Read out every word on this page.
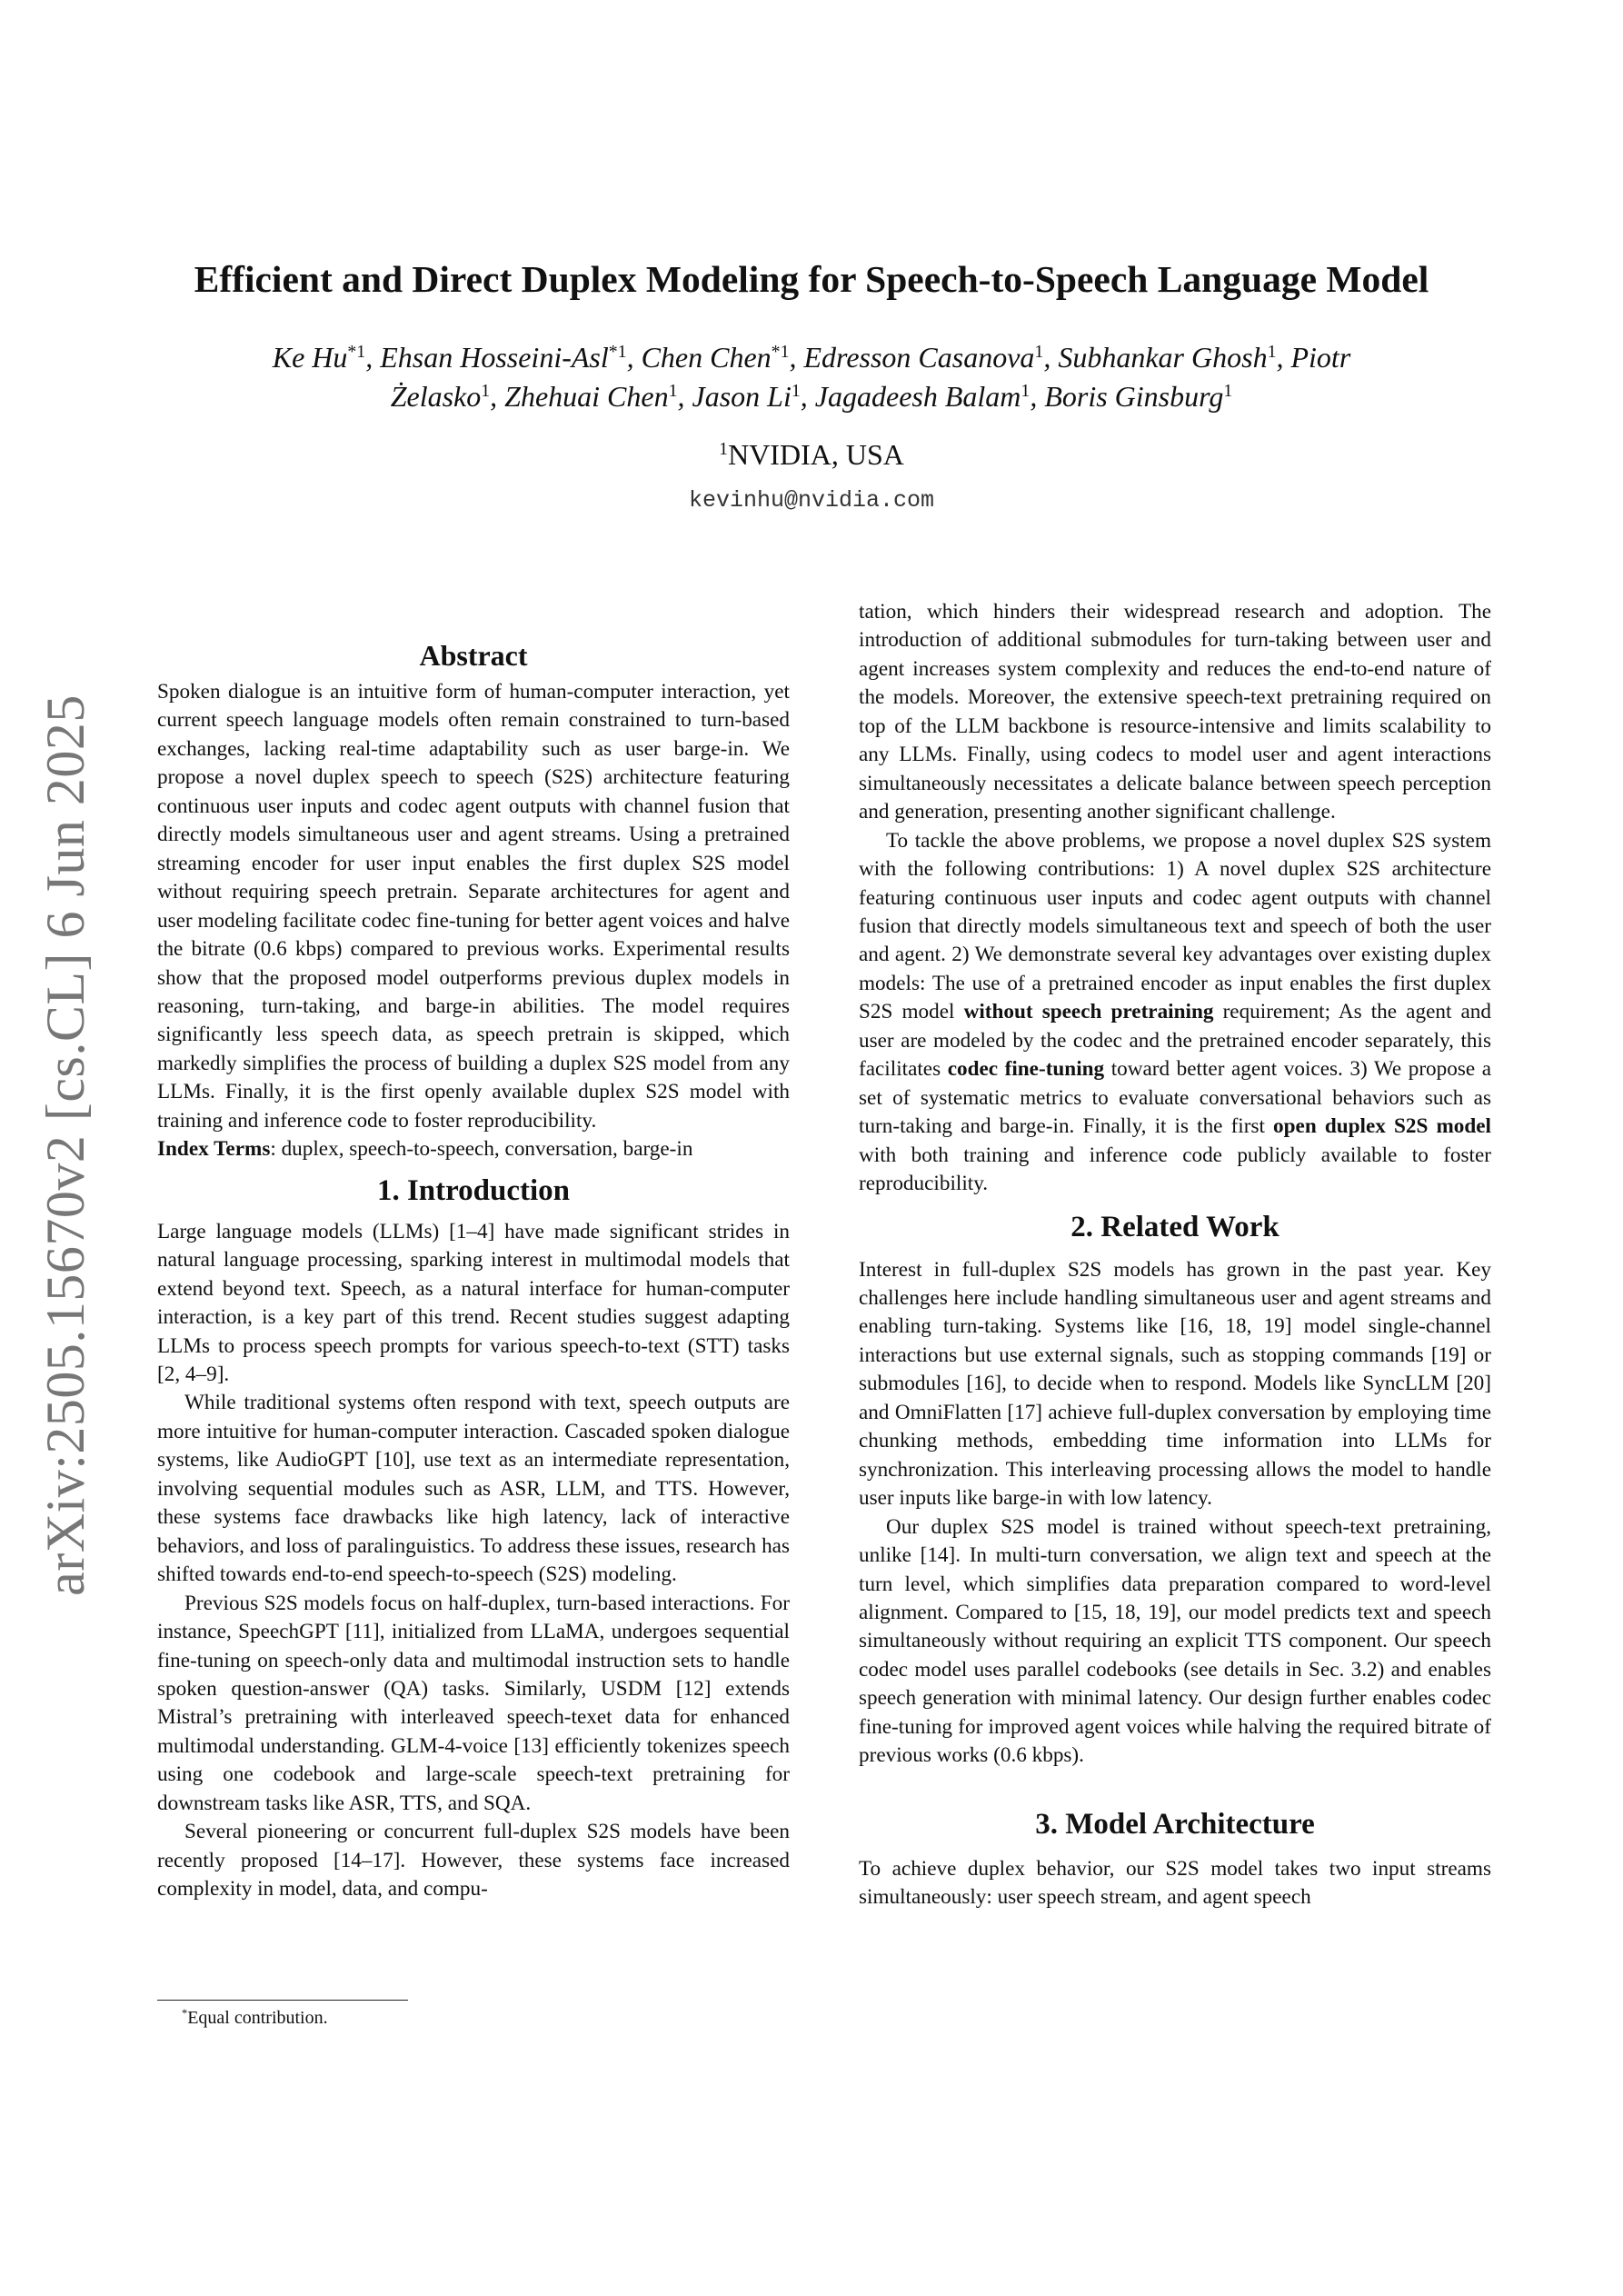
arXiv:2505.15670v2 [cs.CL] 6 Jun 2025
Efficient and Direct Duplex Modeling for Speech-to-Speech Language Model
Ke Hu$^{*1}$, Ehsan Hosseini-Asl$^{*1}$, Chen Chen$^{*1}$, Edresson Casanova$^1$, Subhankar Ghosh$^1$, Piotr
Żelasko$^1$, Zhehuai Chen$^1$, Jason Li$^1$, Jagadeesh Balam$^1$, Boris Ginsburg$^1$
$^1$NVIDIA, USA
kevinhu@nvidia.com
Abstract

Spoken dialogue is an intuitive form of human-computer interaction, yet current speech language models often remain constrained to turn-based exchanges, lacking real-time adaptability such as user barge-in. We propose a novel duplex speech to speech (S2S) architecture featuring continuous user inputs and codec agent outputs with channel fusion that directly models simultaneous user and agent streams. Using a pretrained streaming encoder for user input enables the first duplex S2S model without requiring speech pretrain. Separate architectures for agent and user modeling facilitate codec fine-tuning for better agent voices and halve the bitrate (0.6 kbps) compared to previous works. Experimental results show that the proposed model outperforms previous duplex models in reasoning, turn-taking, and barge-in abilities. The model requires significantly less speech data, as speech pretrain is skipped, which markedly simplifies the process of building a duplex S2S model from any LLMs. Finally, it is the first openly available duplex S2S model with training and inference code to foster reproducibility.

Index Terms: duplex, speech-to-speech, conversation, barge-in

1. Introduction

Large language models (LLMs) [1–4] have made significant strides in natural language processing, sparking interest in multimodal models that extend beyond text. Speech, as a natural interface for human-computer interaction, is a key part of this trend. Recent studies suggest adapting LLMs to process speech prompts for various speech-to-text (STT) tasks [2, 4–9].

While traditional systems often respond with text, speech outputs are more intuitive for human-computer interaction. Cascaded spoken dialogue systems, like AudioGPT [10], use text as an intermediate representation, involving sequential modules such as ASR, LLM, and TTS. However, these systems face drawbacks like high latency, lack of interactive behaviors, and loss of paralinguistics. To address these issues, research has shifted towards end-to-end speech-to-speech (S2S) modeling.

Previous S2S models focus on half-duplex, turn-based interactions. For instance, SpeechGPT [11], initialized from LLaMA, undergoes sequential fine-tuning on speech-only data and multimodal instruction sets to handle spoken question-answer (QA) tasks. Similarly, USDM [12] extends Mistral’s pretraining with interleaved speech-texet data for enhanced multimodal understanding. GLM-4-voice [13] efficiently tokenizes speech using one codebook and large-scale speech-text pretraining for downstream tasks like ASR, TTS, and SQA.

Several pioneering or concurrent full-duplex S2S models have been recently proposed [14–17]. However, these systems face increased complexity in model, data, and compu-

*Equal contribution.

tation, which hinders their widespread research and adoption. The introduction of additional submodules for turn-taking between user and agent increases system complexity and reduces the end-to-end nature of the models. Moreover, the extensive speech-text pretraining required on top of the LLM backbone is resource-intensive and limits scalability to any LLMs. Finally, using codecs to model user and agent interactions simultaneously necessitates a delicate balance between speech perception and generation, presenting another significant challenge.

To tackle the above problems, we propose a novel duplex S2S system with the following contributions: 1) A novel duplex S2S architecture featuring continuous user inputs and codec agent outputs with channel fusion that directly models simultaneous text and speech of both the user and agent. 2) We demonstrate several key advantages over existing duplex models: The use of a pretrained encoder as input enables the first duplex S2S model without speech pretraining requirement; As the agent and user are modeled by the codec and the pretrained encoder separately, this facilitates codec fine-tuning toward better agent voices. 3) We propose a set of systematic metrics to evaluate conversational behaviors such as turn-taking and barge-in. Finally, it is the first open duplex S2S model with both training and inference code publicly available to foster reproducibility.

2. Related Work

Interest in full-duplex S2S models has grown in the past year. Key challenges here include handling simultaneous user and agent streams and enabling turn-taking. Systems like [16, 18, 19] model single-channel interactions but use external signals, such as stopping commands [19] or submodules [16], to decide when to respond. Models like SyncLLM [20] and OmniFlatten [17] achieve full-duplex conversation by employing time chunking methods, embedding time information into LLMs for synchronization. This interleaving processing allows the model to handle user inputs like barge-in with low latency.

Our duplex S2S model is trained without speech-text pretraining, unlike [14]. In multi-turn conversation, we align text and speech at the turn level, which simplifies data preparation compared to word-level alignment. Compared to [15, 18, 19], our model predicts text and speech simultaneously without requiring an explicit TTS component. Our speech codec model uses parallel codebooks (see details in Sec. 3.2) and enables speech generation with minimal latency. Our design further enables codec fine-tuning for improved agent voices while halving the required bitrate of previous works (0.6 kbps).

3. Model Architecture

To achieve duplex behavior, our S2S model takes two input streams simultaneously: user speech stream, and agent speech
